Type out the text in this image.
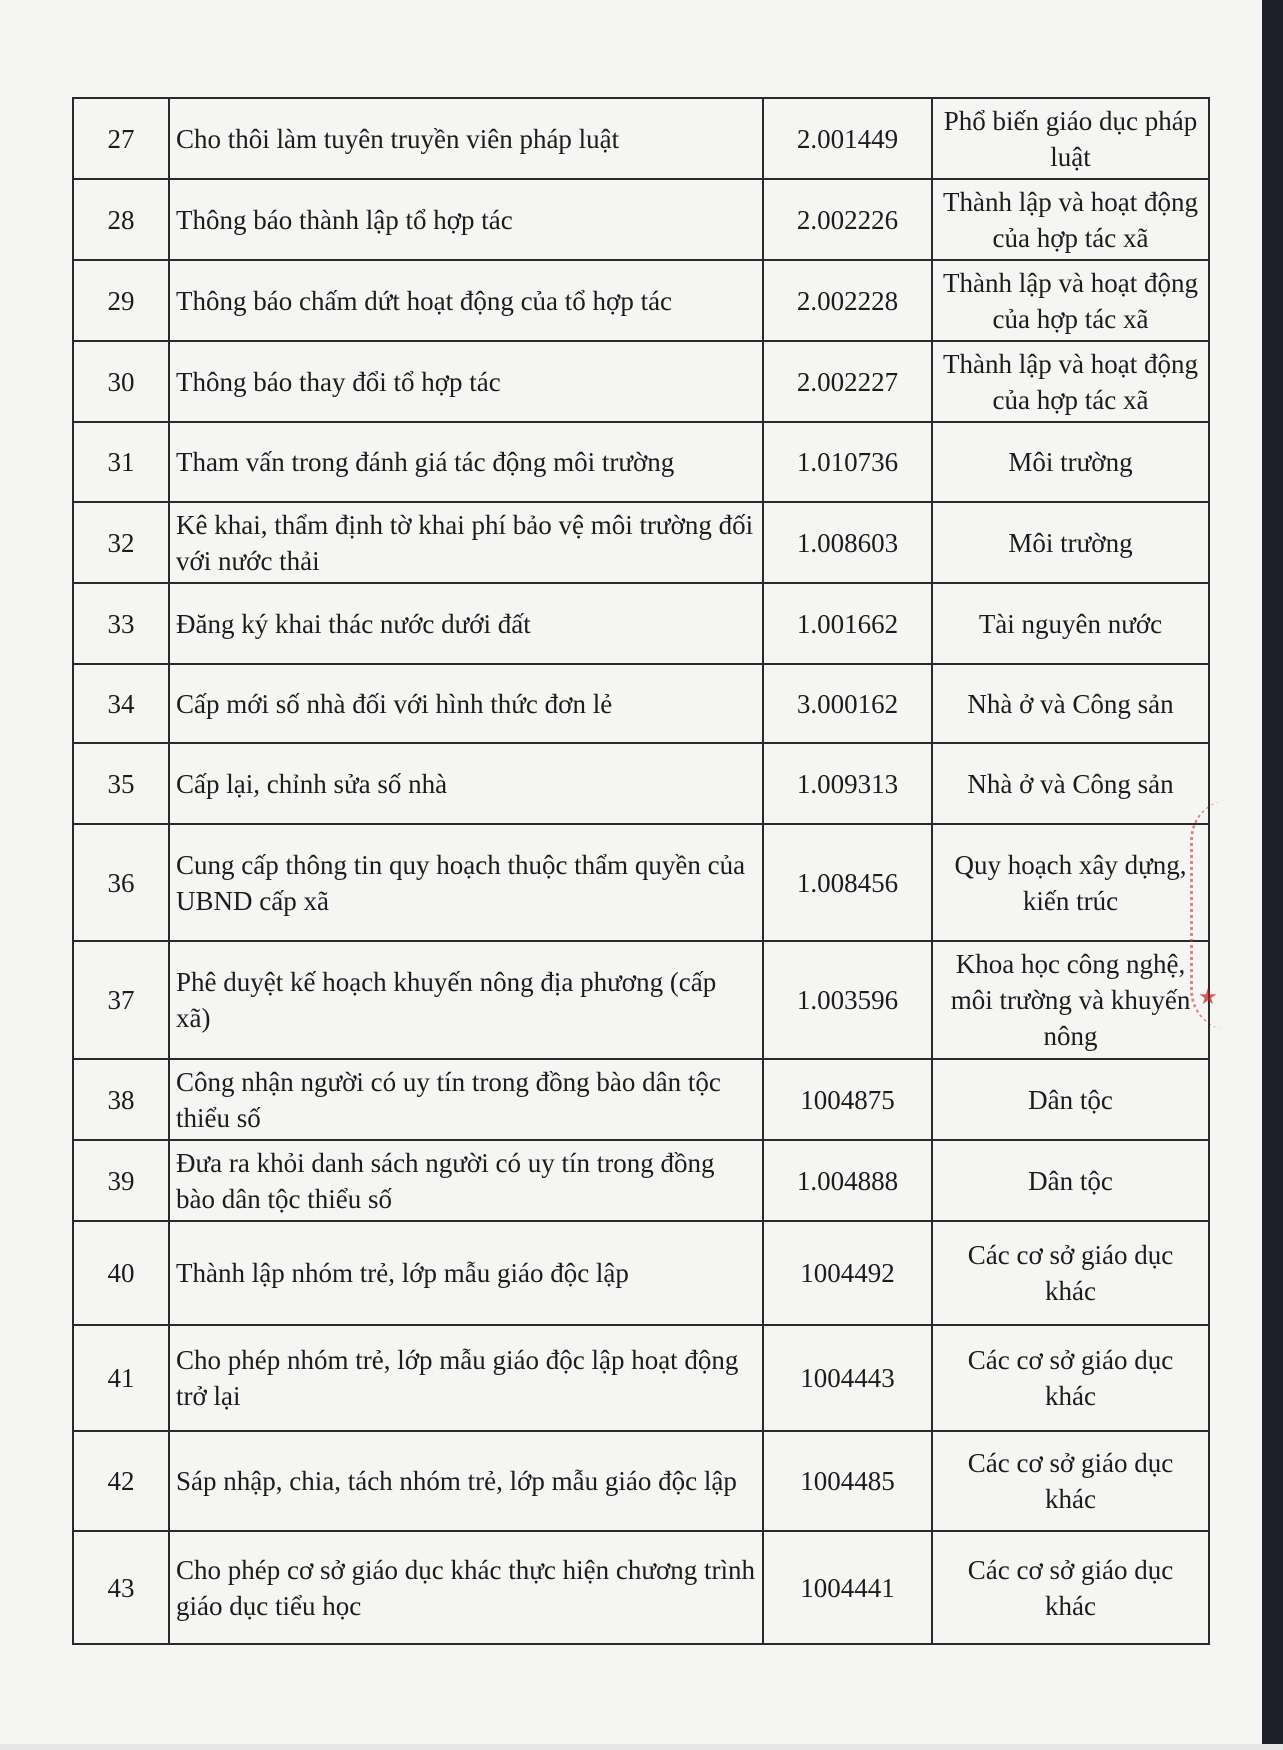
27	Cho thôi làm tuyên truyền viên pháp luật	2.001449	Phổ biến giáo dục pháp luật
28	Thông báo thành lập tổ hợp tác	2.002226	Thành lập và hoạt động của hợp tác xã
29	Thông báo chấm dứt hoạt động của tổ hợp tác	2.002228	Thành lập và hoạt động của hợp tác xã
30	Thông báo thay đổi tổ hợp tác	2.002227	Thành lập và hoạt động của hợp tác xã
31	Tham vấn trong đánh giá tác động môi trường	1.010736	Môi trường
32	Kê khai, thẩm định tờ khai phí bảo vệ môi trường đối với nước thải	1.008603	Môi trường
33	Đăng ký khai thác nước dưới đất	1.001662	Tài nguyên nước
34	Cấp mới số nhà đối với hình thức đơn lẻ	3.000162	Nhà ở và Công sản
35	Cấp lại, chỉnh sửa số nhà	1.009313	Nhà ở và Công sản
36	Cung cấp thông tin quy hoạch thuộc thẩm quyền của UBND cấp xã	1.008456	Quy hoạch xây dựng, kiến trúc
37	Phê duyệt kế hoạch khuyến nông địa phương (cấp xã)	1.003596	Khoa học công nghệ, môi trường và khuyến nông
38	Công nhận người có uy tín trong đồng bào dân tộc thiểu số	1004875	Dân tộc
39	Đưa ra khỏi danh sách người có uy tín trong đồng bào dân tộc thiểu số	1.004888	Dân tộc
40	Thành lập nhóm trẻ, lớp mẫu giáo độc lập	1004492	Các cơ sở giáo dục khác
41	Cho phép nhóm trẻ, lớp mẫu giáo độc lập hoạt động trở lại	1004443	Các cơ sở giáo dục khác
42	Sáp nhập, chia, tách nhóm trẻ, lớp mẫu giáo độc lập	1004485	Các cơ sở giáo dục khác
43	Cho phép cơ sở giáo dục khác thực hiện chương trình giáo dục tiểu học	1004441	Các cơ sở giáo dục khác
★
